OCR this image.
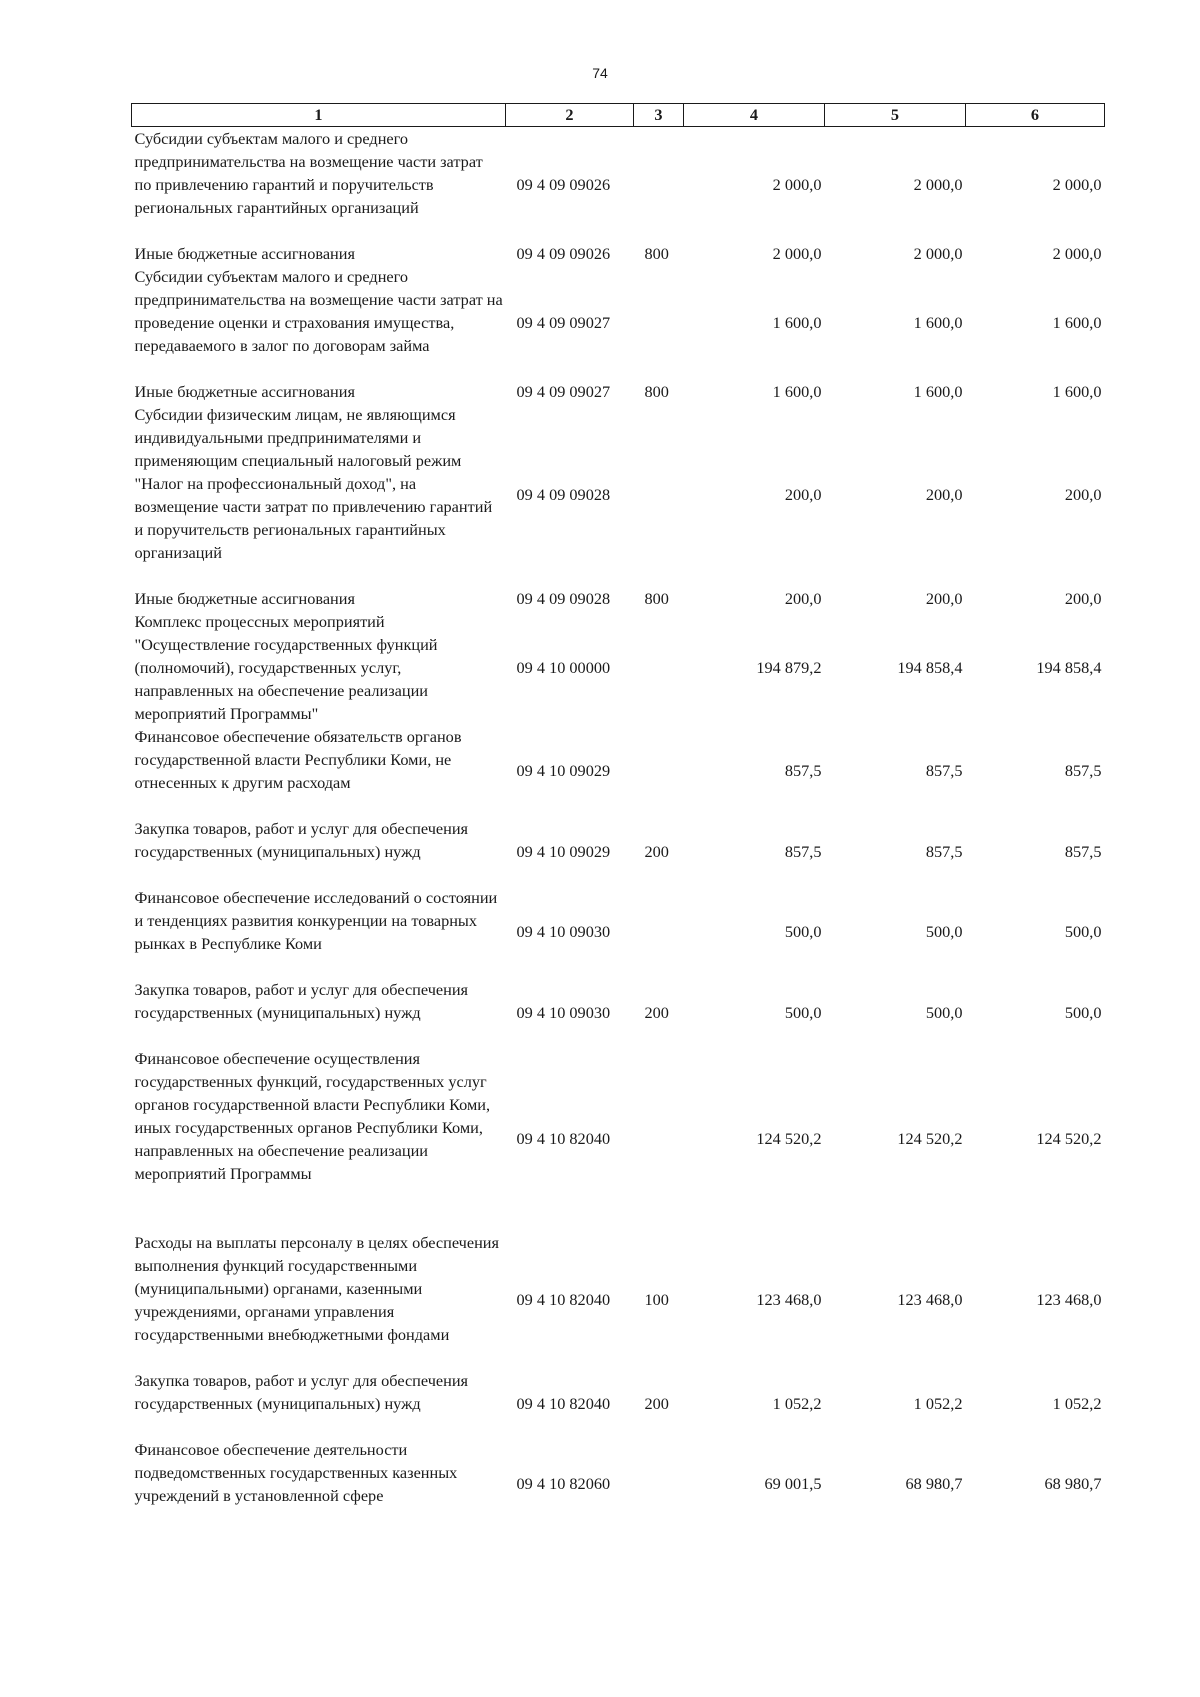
74
1	2	3	4	5	6
Субсидии субъектам малого и среднего предпринимательства на возмещение части затрат по привлечению гарантий и поручительств региональных гарантийных организаций	09 4 09 09026		2 000,0	2 000,0	2 000,0
Иные бюджетные ассигнования	09 4 09 09026	800	2 000,0	2 000,0	2 000,0
Субсидии субъектам малого и среднего предпринимательства на возмещение части затрат на проведение оценки и страхования имущества, передаваемого в залог по договорам займа	09 4 09 09027		1 600,0	1 600,0	1 600,0
Иные бюджетные ассигнования	09 4 09 09027	800	1 600,0	1 600,0	1 600,0
Субсидии физическим лицам, не являющимся индивидуальными предпринимателями и применяющим специальный налоговый режим "Налог на профессиональный доход", на возмещение части затрат по привлечению гарантий и поручительств региональных гарантийных организаций	09 4 09 09028		200,0	200,0	200,0
Иные бюджетные ассигнования	09 4 09 09028	800	200,0	200,0	200,0
Комплекс процессных мероприятий "Осуществление государственных функций (полномочий), государственных услуг, направленных на обеспечение реализации мероприятий Программы"	09 4 10 00000		194 879,2	194 858,4	194 858,4
Финансовое обеспечение обязательств органов государственной власти Республики Коми, не отнесенных к другим расходам	09 4 10 09029		857,5	857,5	857,5
Закупка товаров, работ и услуг для обеспечения государственных (муниципальных) нужд	09 4 10 09029	200	857,5	857,5	857,5
Финансовое обеспечение исследований о состоянии и тенденциях развития конкуренции на товарных рынках в Республике Коми	09 4 10 09030		500,0	500,0	500,0
Закупка товаров, работ и услуг для обеспечения государственных (муниципальных) нужд	09 4 10 09030	200	500,0	500,0	500,0
Финансовое обеспечение осуществления государственных функций, государственных услуг органов государственной власти Республики Коми, иных государственных органов Республики Коми, направленных на обеспечение реализации мероприятий Программы	09 4 10 82040		124 520,2	124 520,2	124 520,2
Расходы на выплаты персоналу в целях обеспечения выполнения функций государственными (муниципальными) органами, казенными учреждениями, органами управления государственными внебюджетными фондами	09 4 10 82040	100	123 468,0	123 468,0	123 468,0
Закупка товаров, работ и услуг для обеспечения государственных (муниципальных) нужд	09 4 10 82040	200	1 052,2	1 052,2	1 052,2
Финансовое обеспечение деятельности подведомственных государственных казенных учреждений в установленной сфере	09 4 10 82060		69 001,5	68 980,7	68 980,7
